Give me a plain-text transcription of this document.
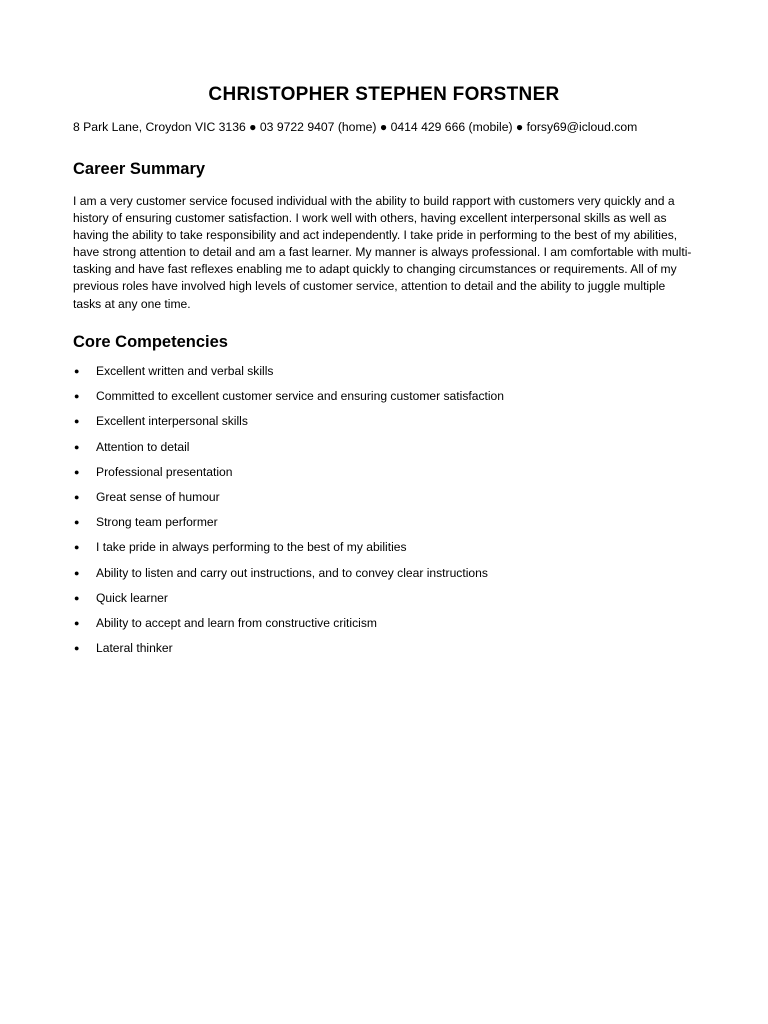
CHRISTOPHER STEPHEN FORSTNER

8 Park Lane, Croydon VIC 3136 ● 03 9722 9407 (home) ● 0414 429 666 (mobile) ● forsy69@icloud.com

Career Summary

I am a very customer service focused individual with the ability to build rapport with customers very quickly and a history of ensuring customer satisfaction. I work well with others, having excellent interpersonal skills as well as having the ability to take responsibility and act independently. I take pride in performing to the best of my abilities, have strong attention to detail and am a fast learner. My manner is always professional. I am comfortable with multi-tasking and have fast reflexes enabling me to adapt quickly to changing circumstances or requirements. All of my previous roles have involved high levels of customer service, attention to detail and the ability to juggle multiple tasks at any one time.

Core Competencies
● Excellent written and verbal skills
● Committed to excellent customer service and ensuring customer satisfaction
● Excellent interpersonal skills
● Attention to detail
● Professional presentation
● Great sense of humour
● Strong team performer
● I take pride in always performing to the best of my abilities
● Ability to listen and carry out instructions, and to convey clear instructions
● Quick learner
● Ability to accept and learn from constructive criticism
● Lateral thinker
